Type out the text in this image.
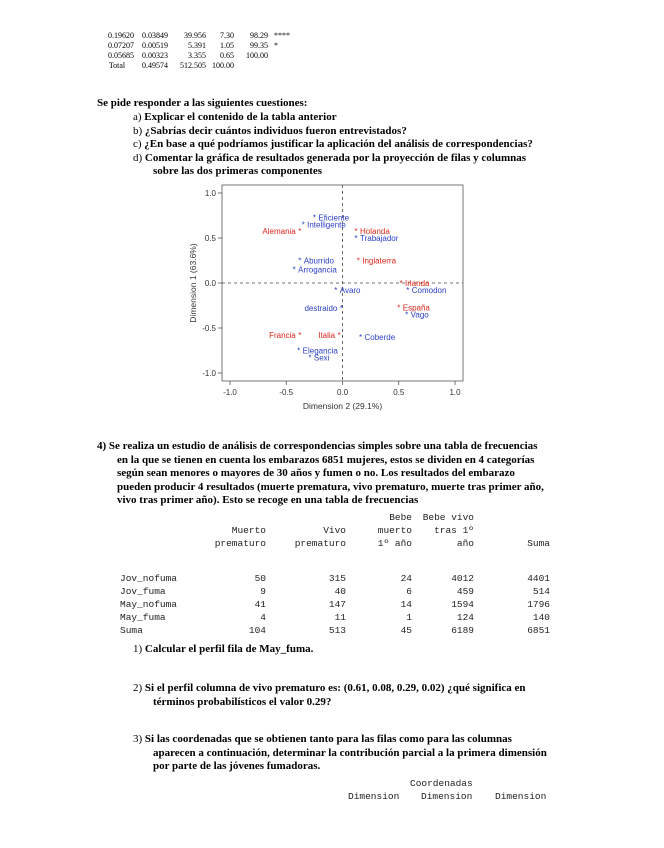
0.19620	0.03849	39.956	7.30	98.29	****
0.07207	0.00519	5.391	1.05	99.35	*
0.05685	0.00323	3.355	0.65	100.00	
Total	0.49574	512.505	100.00		
Se pide responder a las siguientes cuestiones:
a) Explicar el contenido de la tabla anterior
b) ¿Sabrías decir cuántos individuos fueron entrevistados?
c) ¿En base a qué podríamos justificar la aplicación del análisis de correspondencias?
d) Comentar la gráfica de resultados generada por la proyección de filas y columnas
sobre las dos primeras componentes
-1.0	-0.5	0.0	0.5	1.0
1.0
0.5
0.0
-0.5
-1.0
Dimension 2 (29.1%)
Dimension 1 (63.6%)
*
Alemania	* Holanda
* Inglaterra
* Irlanda
* España
*
Francia	*
Italia
* Eficiente
* Intelligente
* Trabajador
* Aburrido
* Arrogancia
* Comodon
* Avaro
*
destraido
* Vago
* Coberde
* Elegancia
* Sexi
4) Se realiza un estudio de análisis de correspondencias simples sobre una tabla de frecuencias
en la que se tienen en cuenta los embarazos 6851 mujeres, estos se dividen en 4 categorías
según sean menores o mayores de 30 años y fumen o no. Los resultados del embarazo
pueden producir 4 resultados (muerte prematura, vivo prematuro, muerte tras primer año,
vivo tras primer año). Esto se recoge en una tabla de frecuencias
			Bebe	Bebe vivo	
	Muerto	Vivo	muerto	tras 1º	
	prematuro	prematuro	1º año	año	Suma

Jov_nofuma	50	315	24	4012	4401
Jov_fuma	9	40	6	459	514
May_nofuma	41	147	14	1594	1796
May_fuma	4	11	1	124	140
Suma	104	513	45	6189	6851
1) Calcular el perfil fila de May_fuma.
2) Si el perfil columna de vivo prematuro es: (0.61, 0.08, 0.29, 0.02) ¿qué significa en
términos probabilísticos el valor 0.29?
3) Si las coordenadas que se obtienen tanto para las filas como para las columnas
aparecen a continuación, determinar la contribución parcial a la primera dimensión
por parte de las jóvenes fumadoras.
Coordenadas
Dimension Dimension Dimension
